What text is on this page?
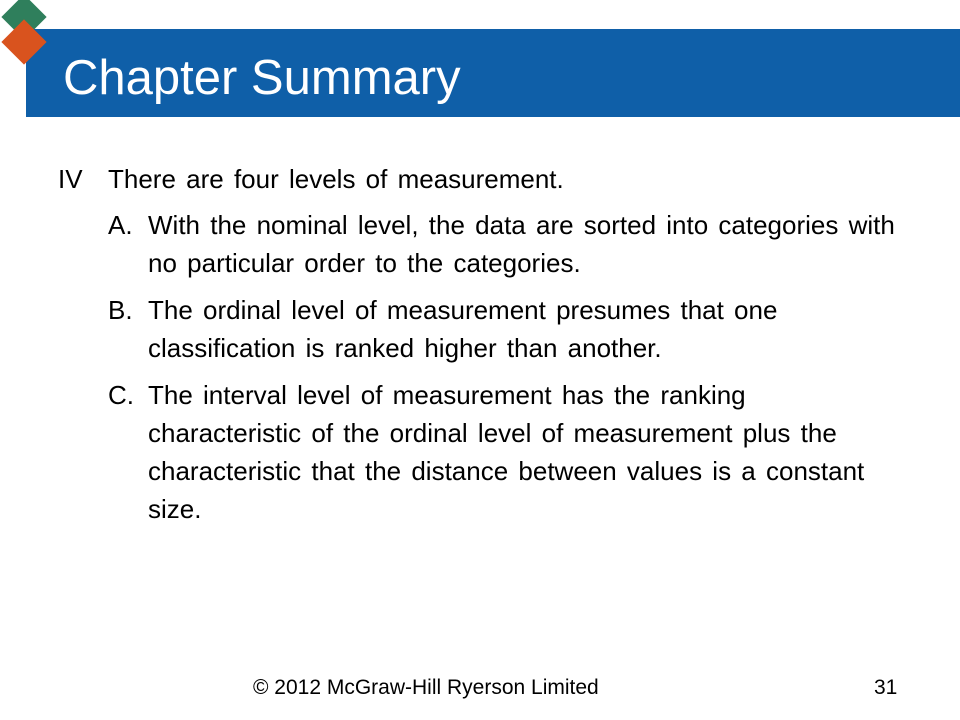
Chapter Summary
IV There are four levels of measurement.
A. With the nominal level, the data are sorted into categories with no particular order to the categories.
B. The ordinal level of measurement presumes that one classification is ranked higher than another.
C. The interval level of measurement has the ranking characteristic of the ordinal level of measurement plus the characteristic that the distance between values is a constant size.
© 2012 McGraw-Hill Ryerson Limited	31
